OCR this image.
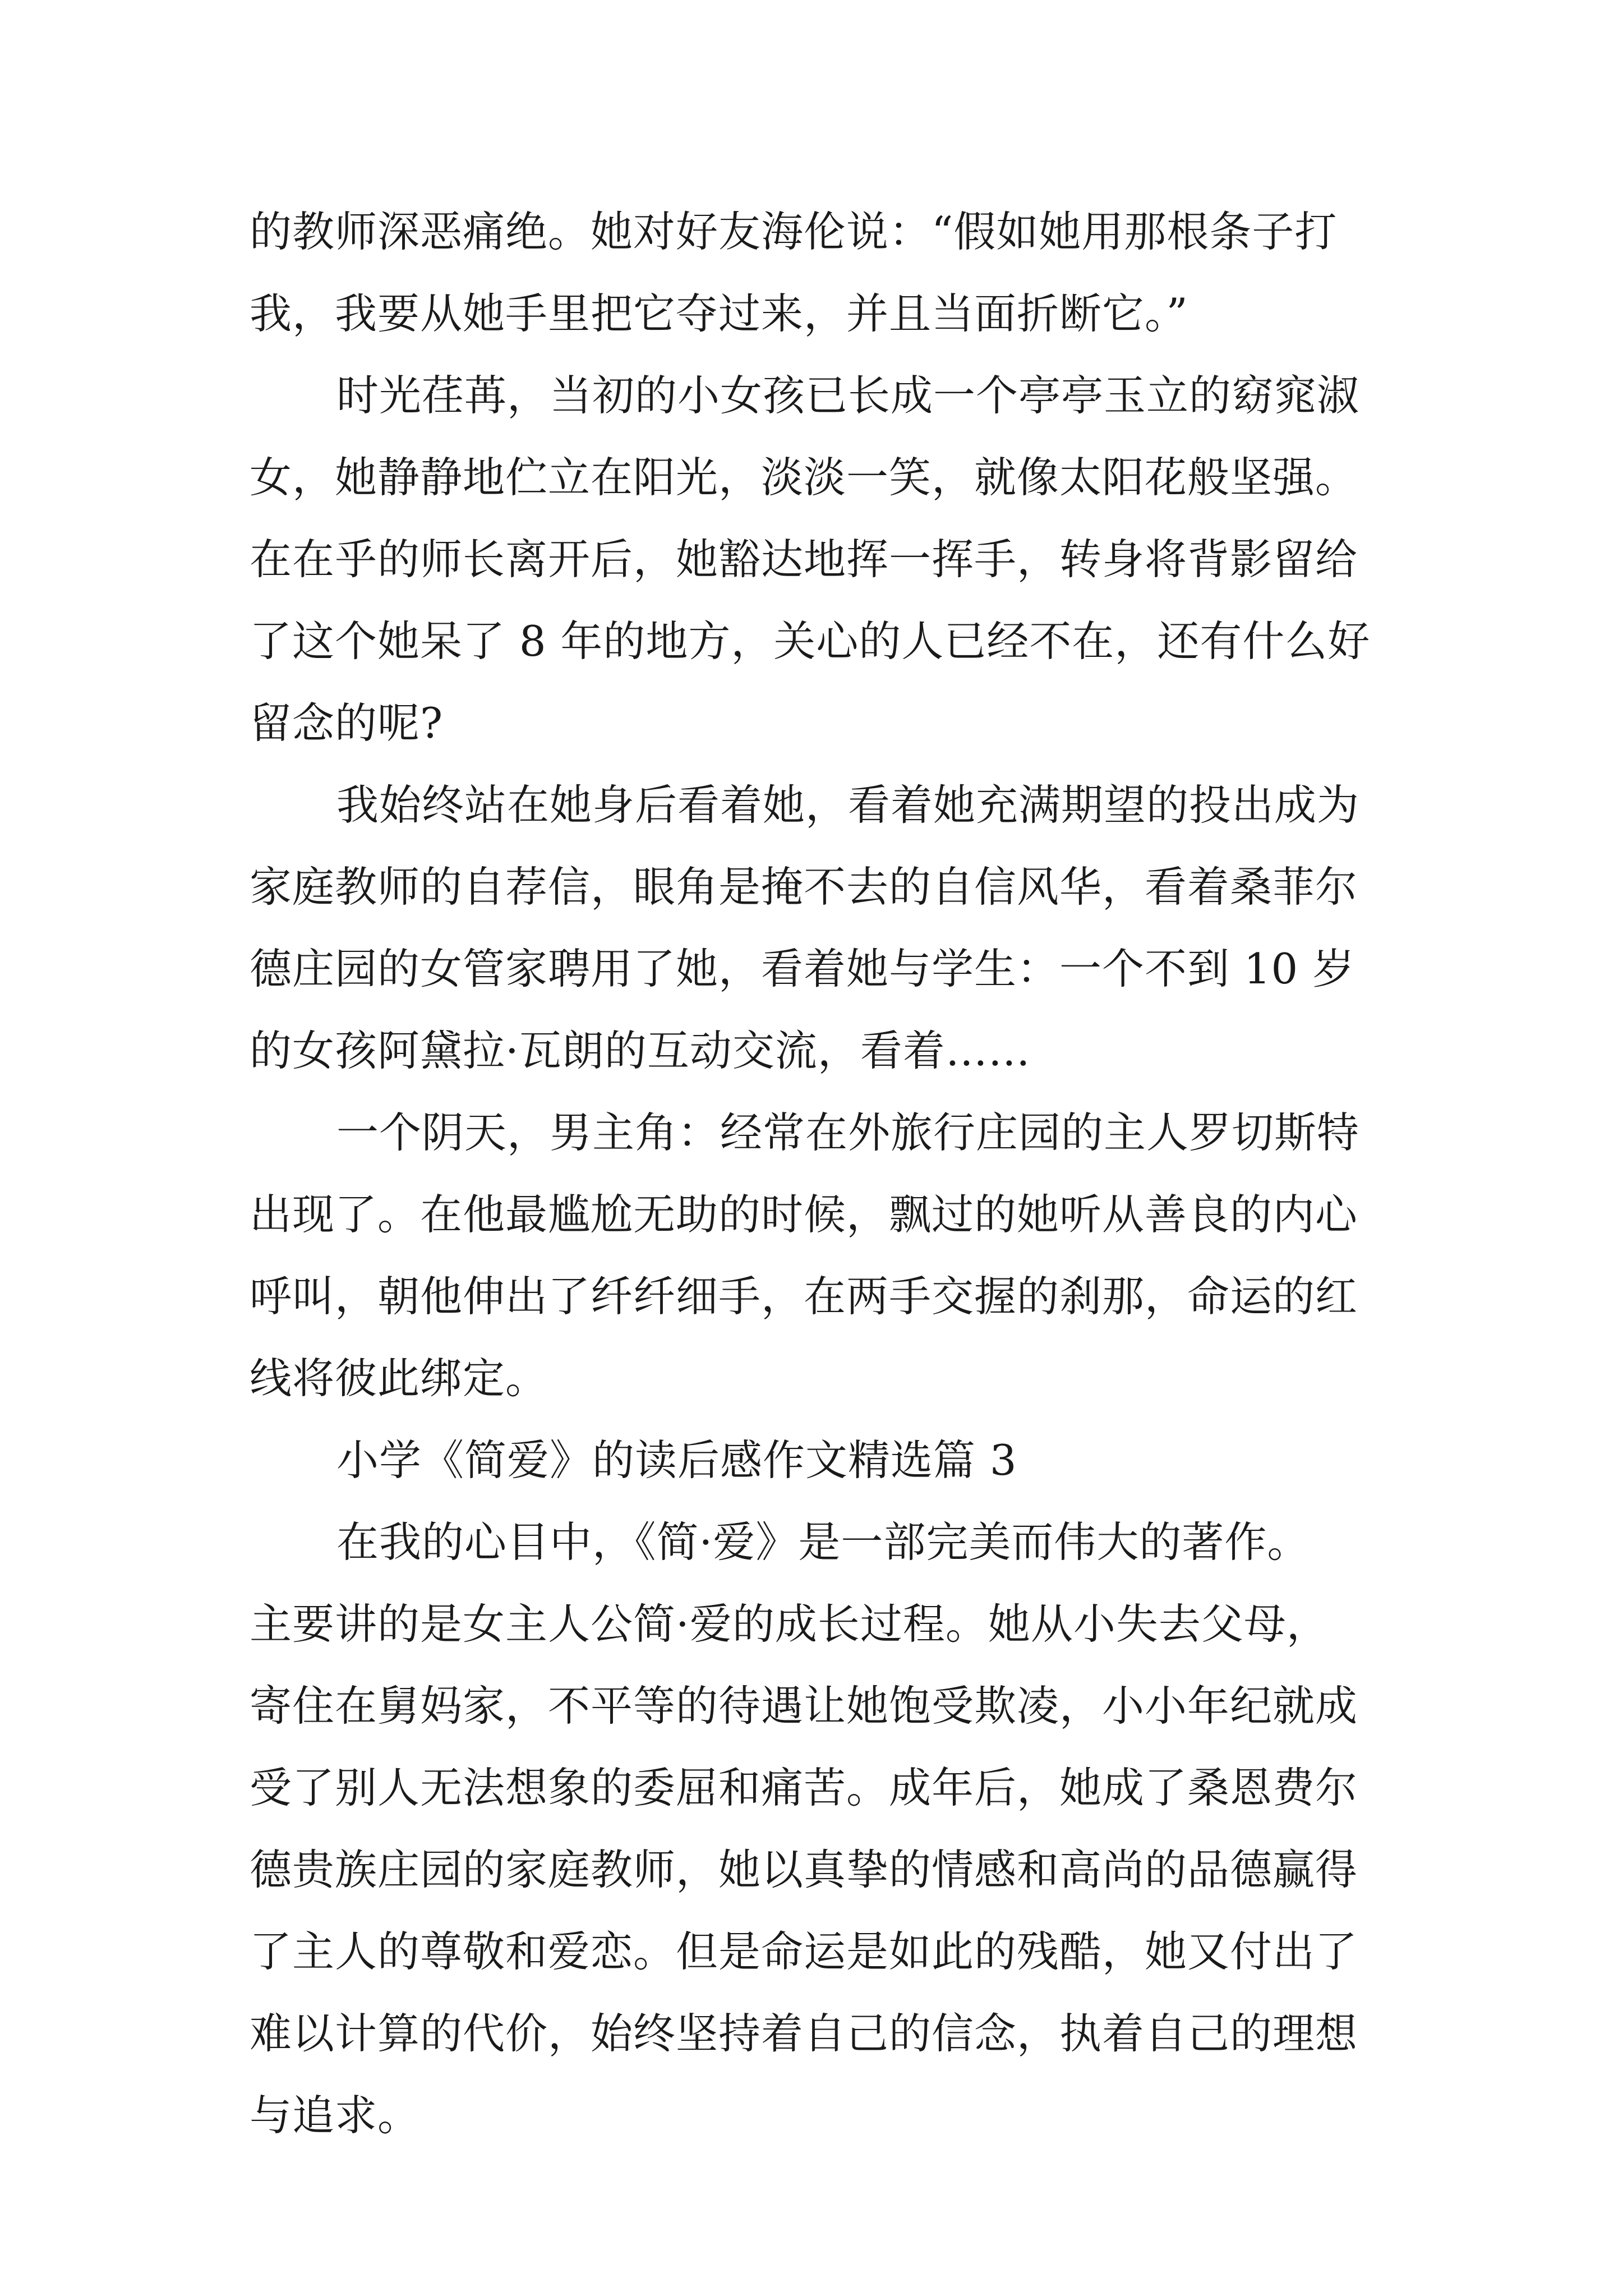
的教师深恶痛绝。她对好友海伦说：“假如她用那根条子打
我，我要从她手里把它夺过来，并且当面折断它。”
时光荏苒，当初的小女孩已长成一个亭亭玉立的窈窕淑
女，她静静地伫立在阳光，淡淡一笑，就像太阳花般坚强。
在在乎的师长离开后，她豁达地挥一挥手，转身将背影留给
了这个她呆了 8 年的地方，关心的人已经不在，还有什么好
留念的呢?
我始终站在她身后看着她，看着她充满期望的投出成为
家庭教师的自荐信，眼角是掩不去的自信风华，看着桑菲尔
德庄园的女管家聘用了她，看着她与学生：一个不到 10 岁
的女孩阿黛拉·瓦朗的互动交流，看着……
一个阴天，男主角：经常在外旅行庄园的主人罗切斯特
出现了。在他最尴尬无助的时候，飘过的她听从善良的内心
呼叫，朝他伸出了纤纤细手，在两手交握的刹那，命运的红
线将彼此绑定。
小学《简爱》的读后感作文精选篇 3
在我的心目中，《简·爱》是一部完美而伟大的著作。
主要讲的是女主人公简·爱的成长过程。她从小失去父母，
寄住在舅妈家，不平等的待遇让她饱受欺凌，小小年纪就成
受了别人无法想象的委屈和痛苦。成年后，她成了桑恩费尔
德贵族庄园的家庭教师，她以真挚的情感和高尚的品德赢得
了主人的尊敬和爱恋。但是命运是如此的残酷，她又付出了
难以计算的代价，始终坚持着自己的信念，执着自己的理想
与追求。
